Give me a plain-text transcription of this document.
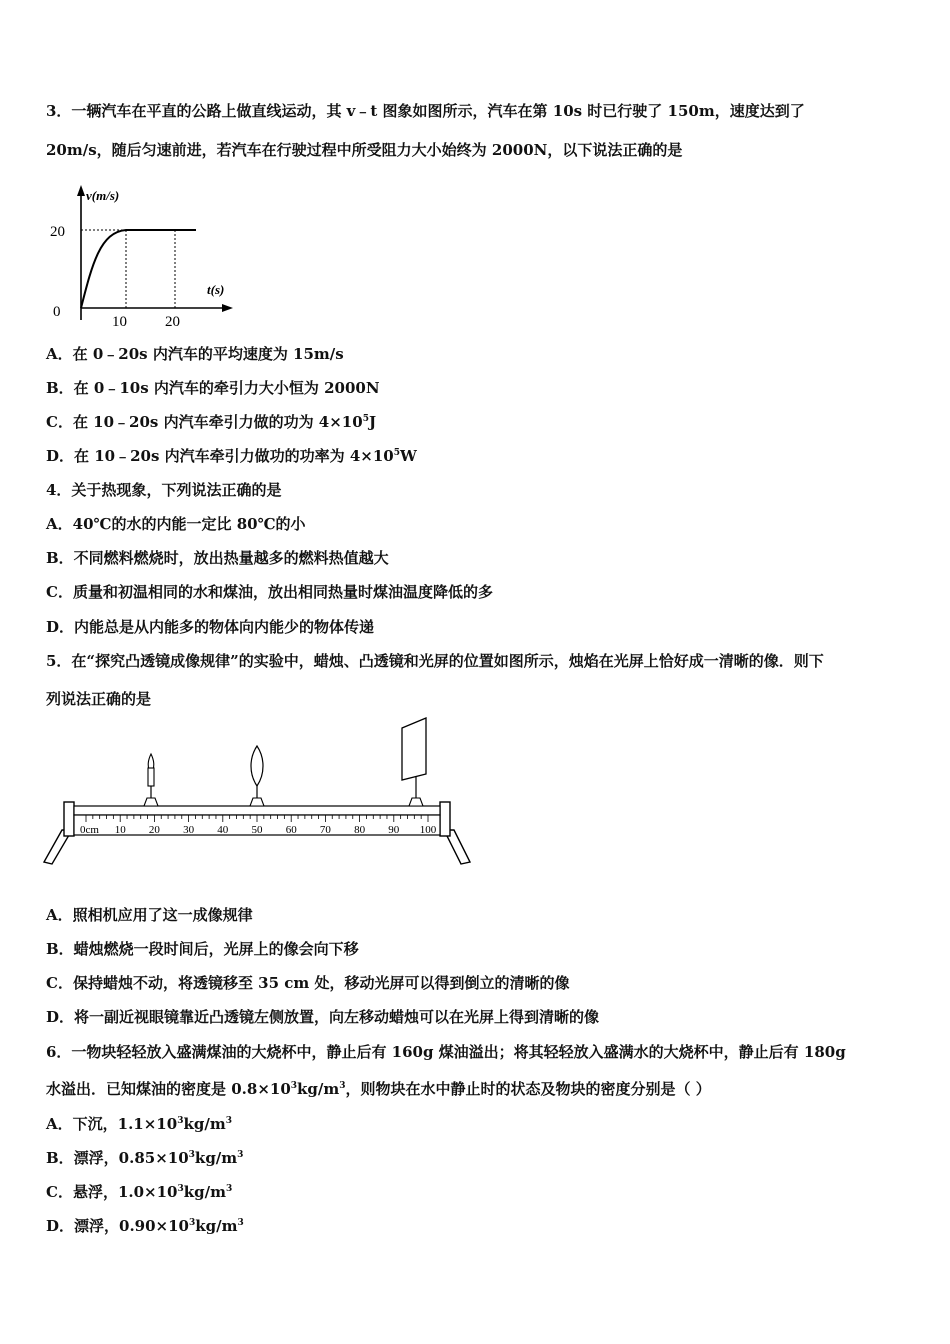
3．一辆汽车在平直的公路上做直线运动，其 v﹣t 图象如图所示，汽车在第 10s 时已行驶了 150m，速度达到了
20m/s，随后匀速前进，若汽车在行驶过程中所受阻力大小始终为 2000N，以下说法正确的是
v(m/s)
t(s)
20
0
10	20
A．在 0﹣20s 内汽车的平均速度为 15m/s
B．在 0﹣10s 内汽车的牵引力大小恒为 2000N
C．在 10﹣20s 内汽车牵引力做的功为 $4\times 10^5J$
D．在 10﹣20s 内汽车牵引力做功的功率为 $4\times 10^5W$
4．关于热现象，下列说法正确的是
A．40℃的水的内能一定比 80℃的小
B．不同燃料燃烧时，放出热量越多的燃料热值越大
C．质量和初温相同的水和煤油，放出相同热量时煤油温度降低的多
D．内能总是从内能多的物体向内能少的物体传递
5．在“探究凸透镜成像规律”的实验中，蜡烛、凸透镜和光屏的位置如图所示，烛焰在光屏上恰好成一清晰的像．则下
列说法正确的是
0cm 10 20 30 40 50 60 70 80 90 100
A．照相机应用了这一成像规律
B．蜡烛燃烧一段时间后，光屏上的像会向下移
C．保持蜡烛不动，将透镜移至 35 cm 处，移动光屏可以得到倒立的清晰的像
D．将一副近视眼镜靠近凸透镜左侧放置，向左移动蜡烛可以在光屏上得到清晰的像
6．一物块轻轻放入盛满煤油的大烧杯中，静止后有 160g 煤油溢出；将其轻轻放入盛满水的大烧杯中，静止后有 180g
水溢出．已知煤油的密度是 $0.8\times 10^3kg/m^3$，则物块在水中静止时的状态及物块的密度分别是（ ）
A．下沉，$1.1\times 10^3kg/m^3$
B．漂浮，$0.85\times 10^3kg/m^3$
C．悬浮，$1.0\times 10^3kg/m^3$
D．漂浮，$0.90\times 10^3kg/m^3$
